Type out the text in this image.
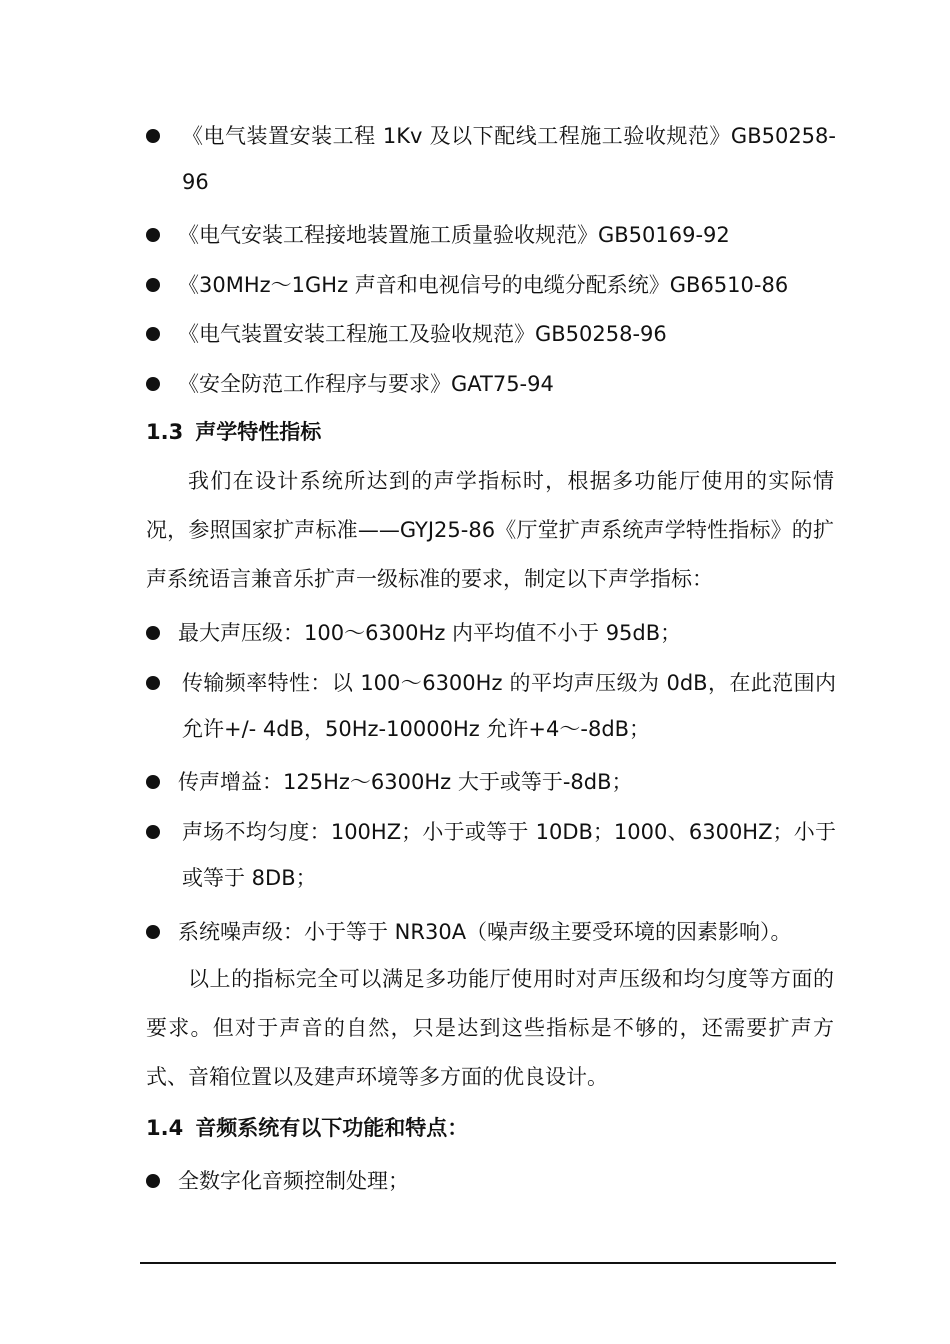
《电气装置安装工程 1Kv 及以下配线工程施工验收规范》GB50258-96
《电气安装工程接地装置施工质量验收规范》GB50169-92
《30MHz～1GHz 声音和电视信号的电缆分配系统》GB6510-86
《电气装置安装工程施工及验收规范》GB50258-96
《安全防范工作程序与要求》GAT75-94
1.3 声学特性指标
我们在设计系统所达到的声学指标时，根据多功能厅使用的实际情况，参照国家扩声标准——GYJ25-86《厅堂扩声系统声学特性指标》的扩声系统语言兼音乐扩声一级标准的要求，制定以下声学指标：
最大声压级：100～6300Hz 内平均值不小于 95dB；
传输频率特性：以 100～6300Hz 的平均声压级为 0dB，在此范围内允许+/- 4dB，50Hz-10000Hz 允许+4～-8dB；
传声增益：125Hz～6300Hz 大于或等于-8dB；
声场不均匀度：100HZ；小于或等于 10DB；1000、6300HZ；小于或等于 8DB；
系统噪声级：小于等于 NR30A（噪声级主要受环境的因素影响）。
以上的指标完全可以满足多功能厅使用时对声压级和均匀度等方面的要求。但对于声音的自然，只是达到这些指标是不够的，还需要扩声方式、音箱位置以及建声环境等多方面的优良设计。
1.4 音频系统有以下功能和特点：
全数字化音频控制处理；
